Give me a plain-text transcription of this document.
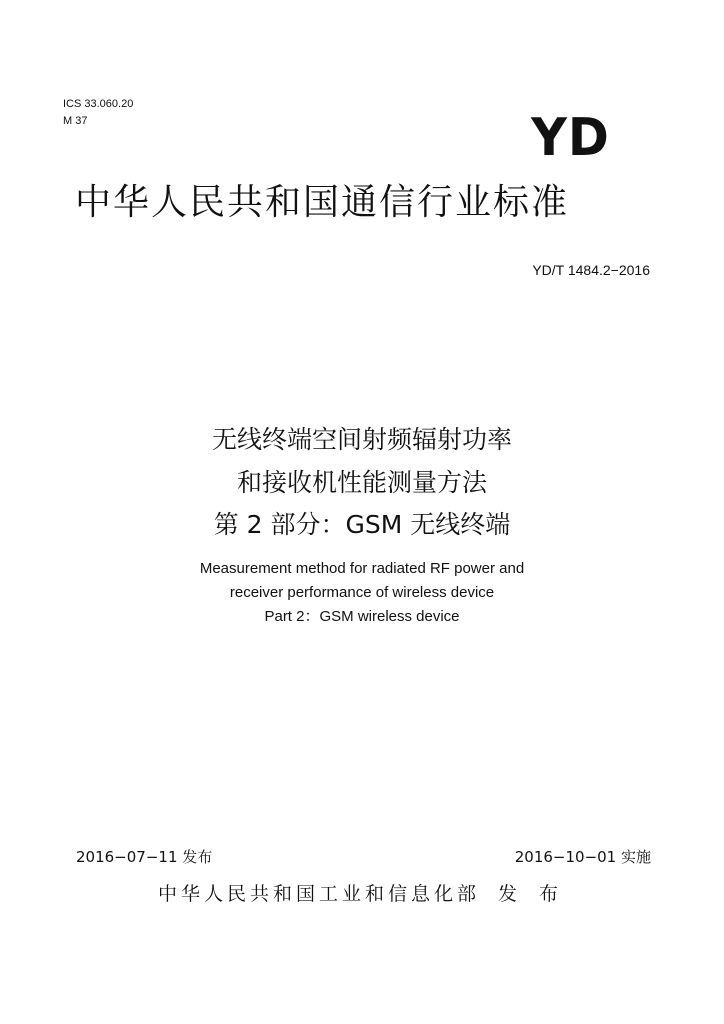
ICS 33.060.20
M 37	YD
中华人民共和国通信行业标准
YD/T 1484.2−2016
无线终端空间射频辐射功率
和接收机性能测量方法
第 2 部分：GSM 无线终端
Measurement method for radiated RF power and
receiver performance of wireless device
Part 2：GSM wireless device
2016−07−11 发布	2016−10−01 实施
中华人民共和国工业和信息化部 发 布
